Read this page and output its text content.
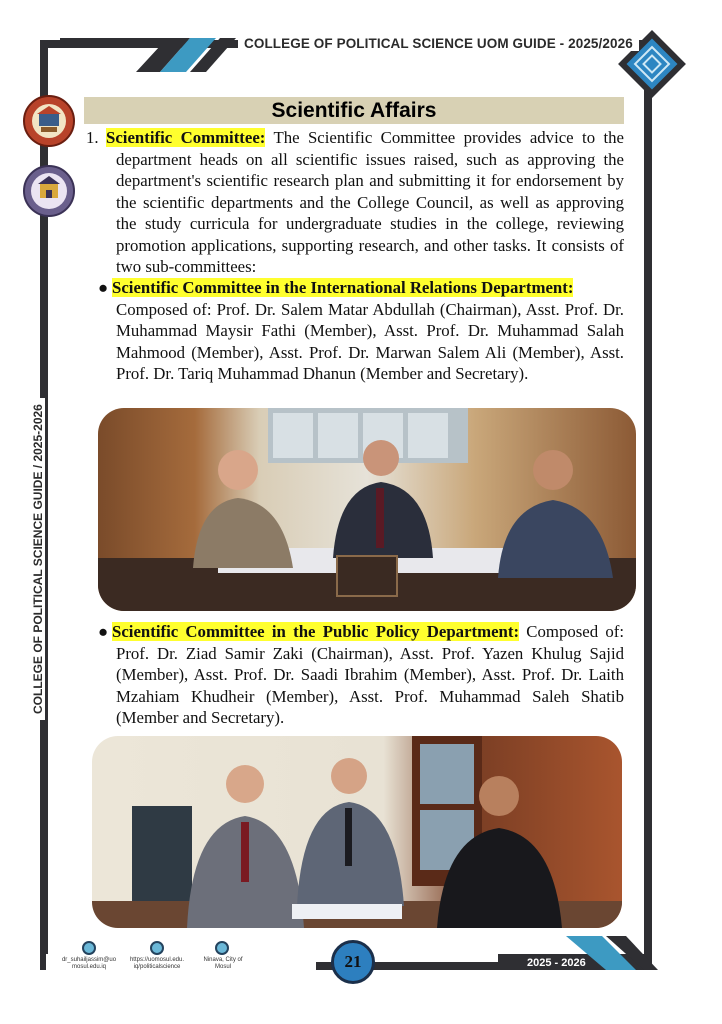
COLLEGE OF POLITICAL SCIENCE UOM GUIDE - 2025/2026
COLLEGE OF POLITICAL SCIENCE GUIDE / 2025-2026
Scientific Affairs
1. Scientific Committee: The Scientific Committee provides advice to the department heads on all scientific issues raised, such as approving the department's scientific research plan and submitting it for endorsement by the scientific departments and the College Council, as well as approving the study curricula for undergraduate studies in the college, reviewing promotion applications, supporting research, and other tasks. It consists of two sub-committees:
● Scientific Committee in the International Relations Department:
Composed of: Prof. Dr. Salem Matar Abdullah (Chairman), Asst. Prof. Dr. Muhammad Maysir Fathi (Member), Asst. Prof. Dr. Muhammad Salah Mahmood (Member), Asst. Prof. Dr. Marwan Salem Ali (Member), Asst. Prof. Dr. Tariq Muhammad Dhanun (Member and Secretary).
● Scientific Committee in the Public Policy Department: Composed of: Prof. Dr. Ziad Samir Zaki (Chairman), Asst. Prof. Yazen Khulug Sajid (Member), Asst. Prof. Dr. Saadi Ibrahim (Member), Asst. Prof. Dr. Laith Mzahiam Khudheir (Member), Asst. Prof. Muhammad Saleh Shatib (Member and Secretary).
dr_suhailjassim@uo
mosul.edu.iq
https://uomosul.edu.
iq/politicalscience
Ninava, City of
Mosul	21	2025 - 2026
